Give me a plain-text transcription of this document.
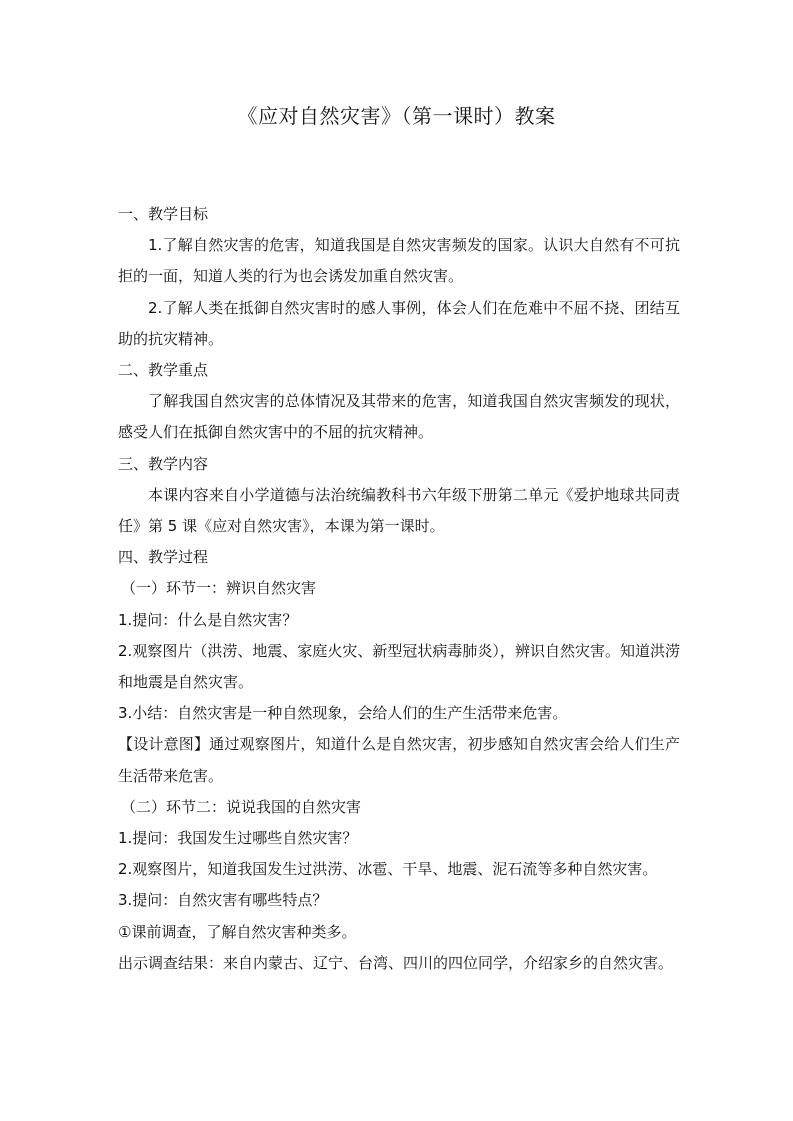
《应对自然灾害》（第一课时）教案

一、教学目标

1.了解自然灾害的危害，知道我国是自然灾害频发的国家。认识大自然有不可抗拒的一面，知道人类的行为也会诱发加重自然灾害。

2.了解人类在抵御自然灾害时的感人事例，体会人们在危难中不屈不挠、团结互助的抗灾精神。

二、教学重点

了解我国自然灾害的总体情况及其带来的危害，知道我国自然灾害频发的现状，感受人们在抵御自然灾害中的不屈的抗灾精神。

三、教学内容

本课内容来自小学道德与法治统编教科书六年级下册第二单元《爱护地球共同责任》第 5 课《应对自然灾害》，本课为第一课时。

四、教学过程

（一）环节一：辨识自然灾害

1.提问：什么是自然灾害？

2.观察图片（洪涝、地震、家庭火灾、新型冠状病毒肺炎），辨识自然灾害。知道洪涝和地震是自然灾害。

3.小结：自然灾害是一种自然现象，会给人们的生产生活带来危害。

【设计意图】通过观察图片，知道什么是自然灾害，初步感知自然灾害会给人们生产生活带来危害。

（二）环节二：说说我国的自然灾害

1.提问：我国发生过哪些自然灾害？

2.观察图片，知道我国发生过洪涝、冰雹、干旱、地震、泥石流等多种自然灾害。

3.提问：自然灾害有哪些特点？

①课前调查，了解自然灾害种类多。

出示调查结果：来自内蒙古、辽宁、台湾、四川的四位同学，介绍家乡的自然灾害。
